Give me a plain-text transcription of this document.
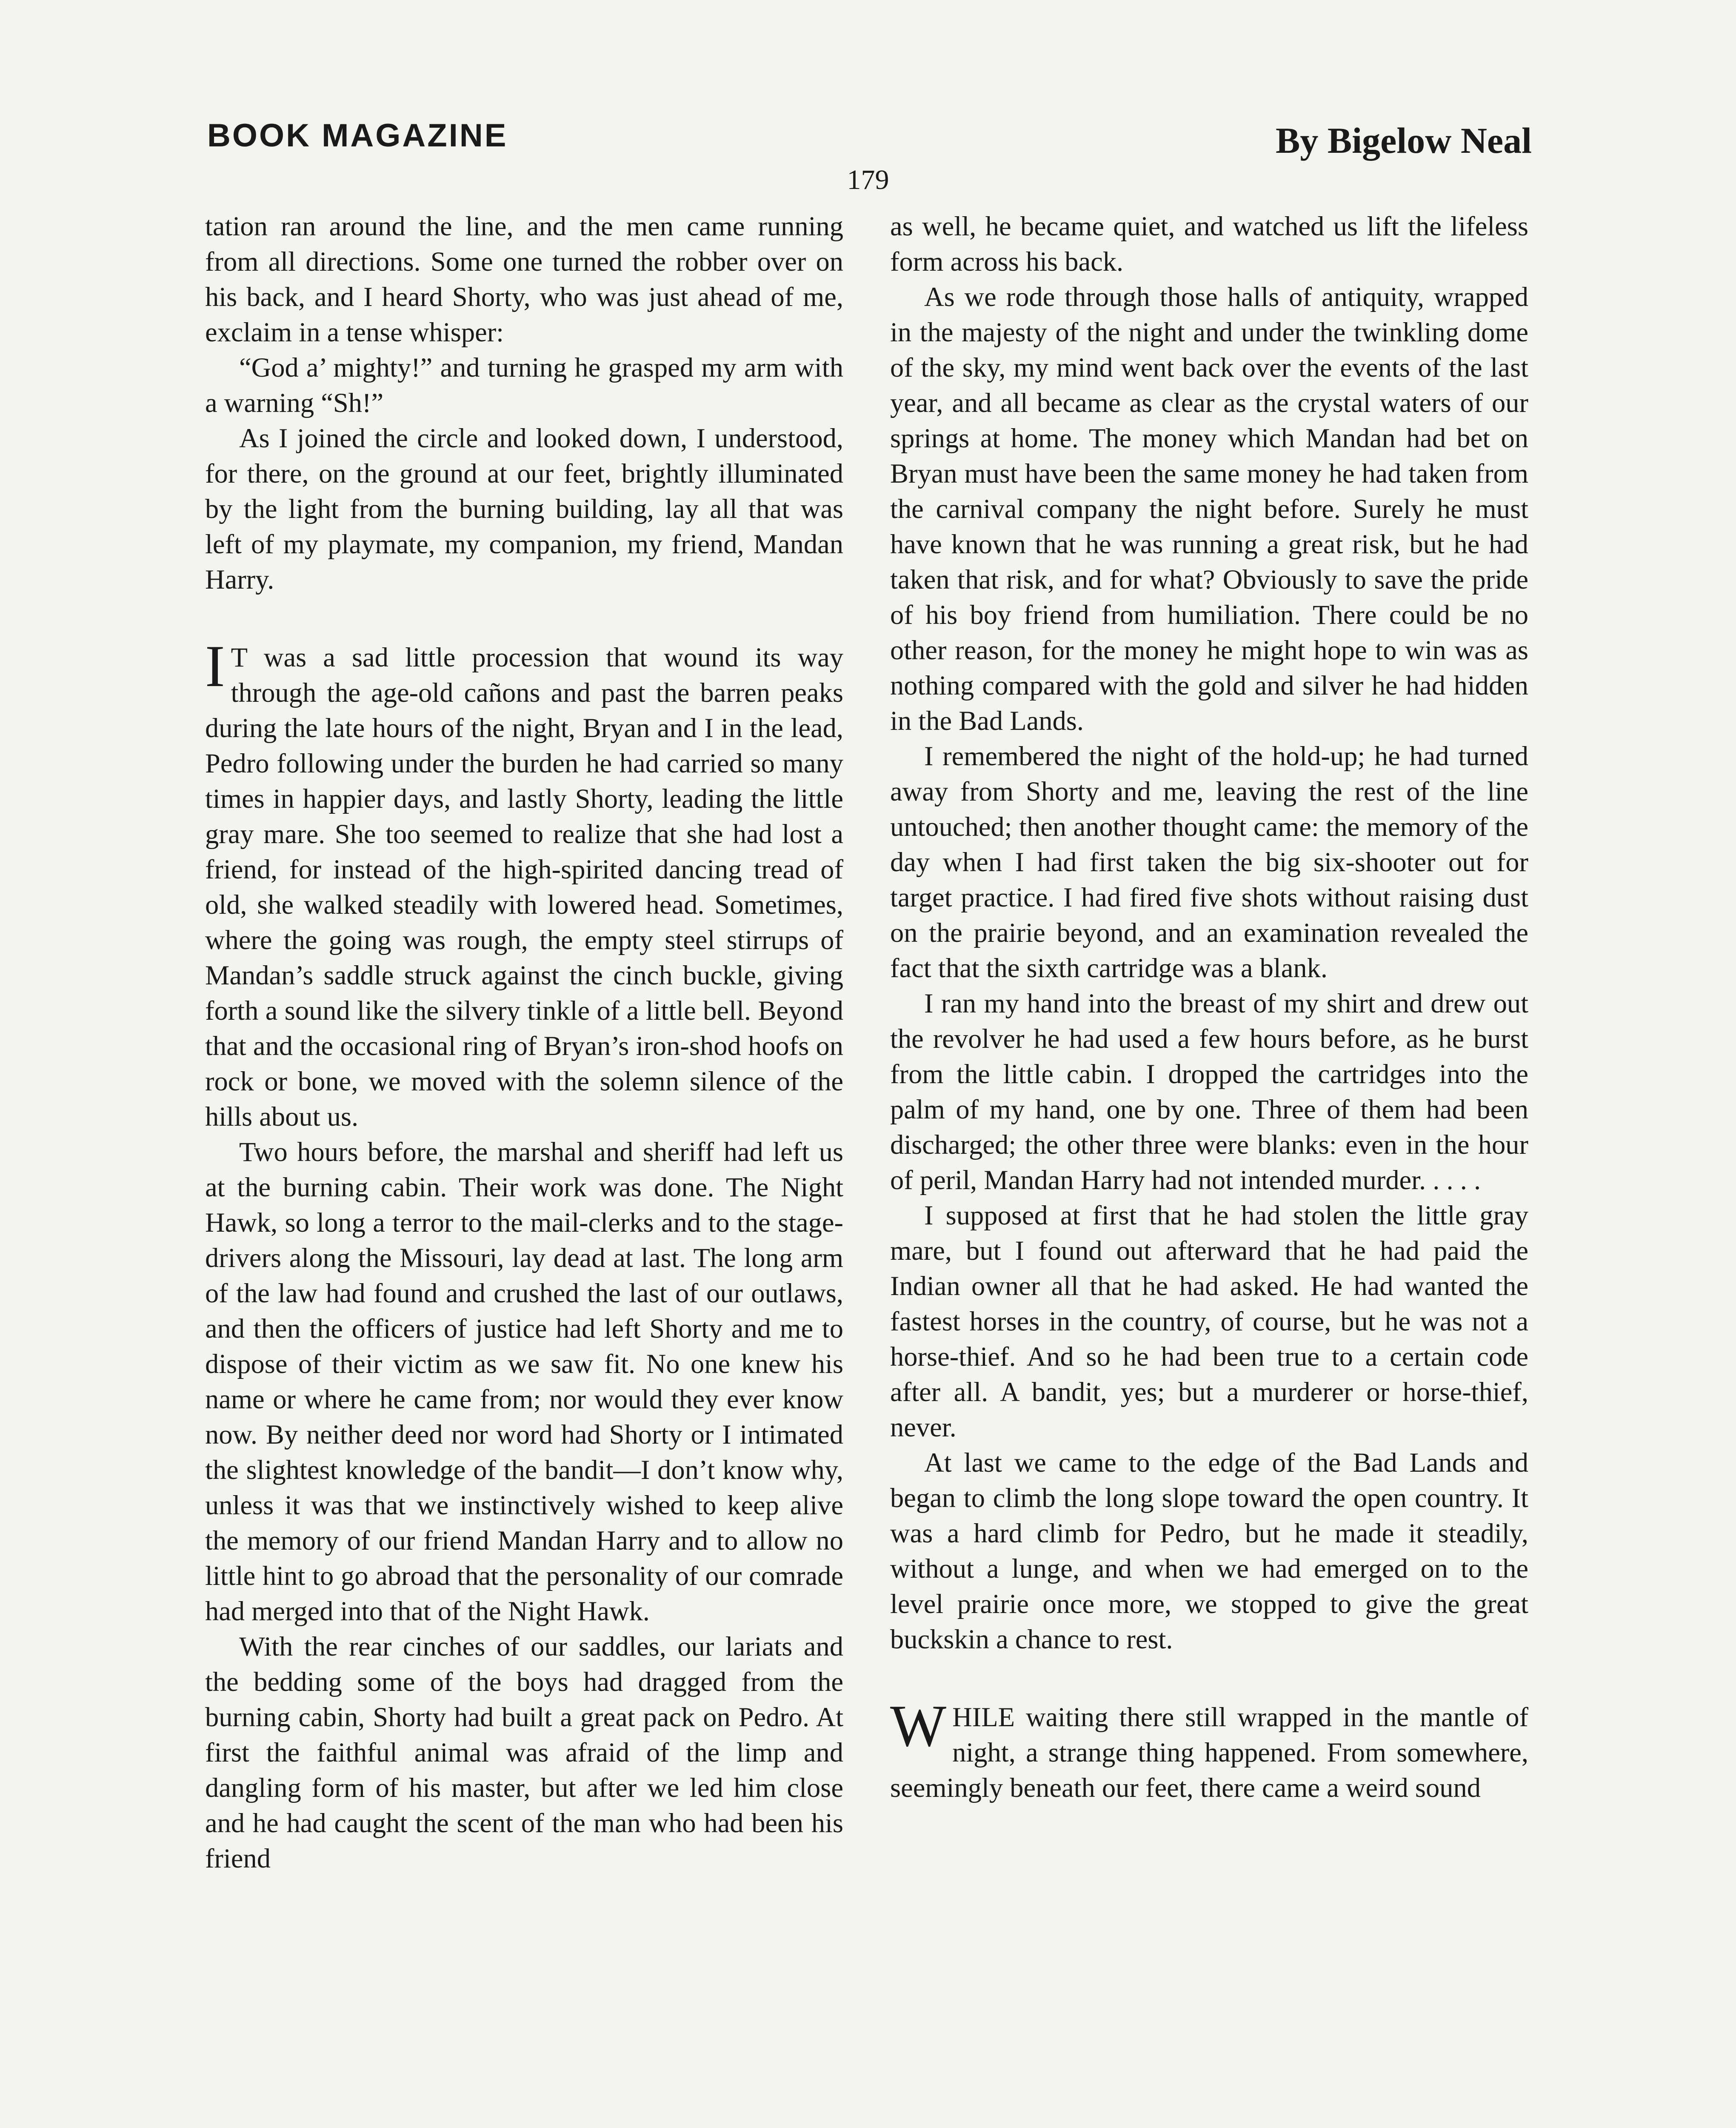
BOOK MAGAZINE	By Bigelow Neal
179

tation ran around the line, and the men came running from all directions. Some one turned the robber over on his back, and I heard Shorty, who was just ahead of me, exclaim in a tense whisper:

“God a’ mighty!” and turning he grasped my arm with a warning “Sh!”

As I joined the circle and looked down, I understood, for there, on the ground at our feet, brightly illuminated by the light from the burning building, lay all that was left of my playmate, my companion, my friend, Mandan Harry.

I T was a sad little procession that wound its way through the age-old cañons and past the barren peaks during the late hours of the night, Bryan and I in the lead, Pedro following under the burden he had carried so many times in happier days, and lastly Shorty, leading the little gray mare. She too seemed to realize that she had lost a friend, for instead of the high-spirited dancing tread of old, she walked steadily with lowered head. Sometimes, where the going was rough, the empty steel stirrups of Mandan’s saddle struck against the cinch buckle, giving forth a sound like the silvery tinkle of a little bell. Beyond that and the occasional ring of Bryan’s iron-shod hoofs on rock or bone, we moved with the solemn silence of the hills about us.

Two hours before, the marshal and sheriff had left us at the burning cabin. Their work was done. The Night Hawk, so long a terror to the mail-clerks and to the stage-drivers along the Missouri, lay dead at last. The long arm of the law had found and crushed the last of our outlaws, and then the officers of justice had left Shorty and me to dispose of their victim as we saw fit. No one knew his name or where he came from; nor would they ever know now. By neither deed nor word had Shorty or I intimated the slightest knowledge of the bandit—I don’t know why, unless it was that we instinctively wished to keep alive the memory of our friend Mandan Harry and to allow no little hint to go abroad that the personality of our comrade had merged into that of the Night Hawk.

With the rear cinches of our saddles, our lariats and the bedding some of the boys had dragged from the burning cabin, Shorty had built a great pack on Pedro. At first the faithful animal was afraid of the limp and dangling form of his master, but after we led him close and he had caught the scent of the man who had been his friend

as well, he became quiet, and watched us lift the lifeless form across his back.

As we rode through those halls of antiquity, wrapped in the majesty of the night and under the twinkling dome of the sky, my mind went back over the events of the last year, and all became as clear as the crystal waters of our springs at home. The money which Mandan had bet on Bryan must have been the same money he had taken from the carnival company the night before. Surely he must have known that he was running a great risk, but he had taken that risk, and for what? Obviously to save the pride of his boy friend from humiliation. There could be no other reason, for the money he might hope to win was as nothing compared with the gold and silver he had hidden in the Bad Lands.

I remembered the night of the hold-up; he had turned away from Shorty and me, leaving the rest of the line untouched; then another thought came: the memory of the day when I had first taken the big six-shooter out for target practice. I had fired five shots without raising dust on the prairie beyond, and an examination revealed the fact that the sixth cartridge was a blank.

I ran my hand into the breast of my shirt and drew out the revolver he had used a few hours before, as he burst from the little cabin. I dropped the cartridges into the palm of my hand, one by one. Three of them had been discharged; the other three were blanks: even in the hour of peril, Mandan Harry had not intended murder. . . . .

I supposed at first that he had stolen the little gray mare, but I found out afterward that he had paid the Indian owner all that he had asked. He had wanted the fastest horses in the country, of course, but he was not a horse-thief. And so he had been true to a certain code after all. A bandit, yes; but a murderer or horse-thief, never.

At last we came to the edge of the Bad Lands and began to climb the long slope toward the open country. It was a hard climb for Pedro, but he made it steadily, without a lunge, and when we had emerged on to the level prairie once more, we stopped to give the great buckskin a chance to rest.

WHILE waiting there still wrapped in the mantle of night, a strange thing happened. From somewhere, seemingly beneath our feet, there came a weird sound
